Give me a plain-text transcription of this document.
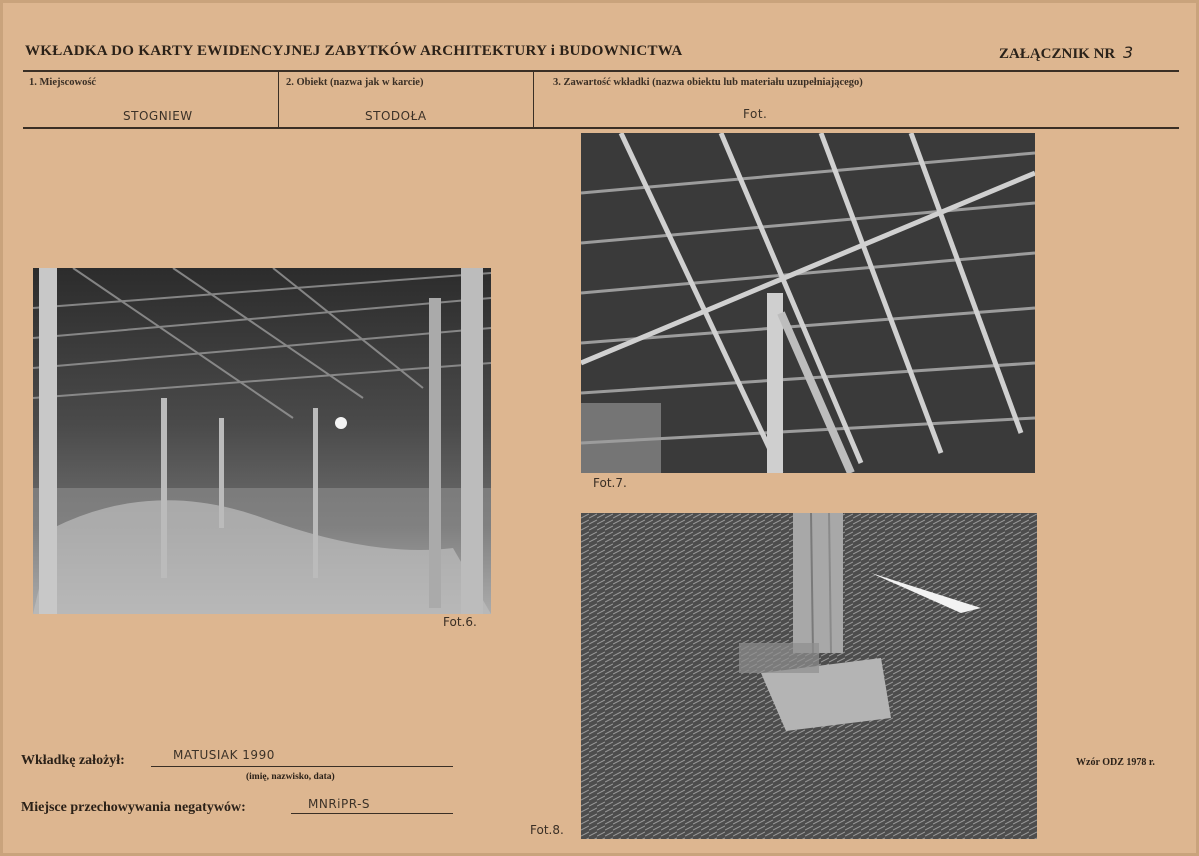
WKŁADKA DO KARTY EWIDENCYJNEJ ZABYTKÓW ARCHITEKTURY i BUDOWNICTWA	ZAŁĄCZNIK NR 3
1. Miejscowość
STOGNIEW
2. Obiekt (nazwa jak w karcie)
STODOŁA
3. Zawartość wkładki (nazwa obiektu lub materiału uzupełniającego)
Fot.
Fot.6.
Fot.7.
Fot.8.
Wkładkę założył:	MATUSIAK 1990
(imię, nazwisko, data)
Miejsce przechowywania negatywów:	MNRiPR-S
Wzór ODZ 1978 r.
